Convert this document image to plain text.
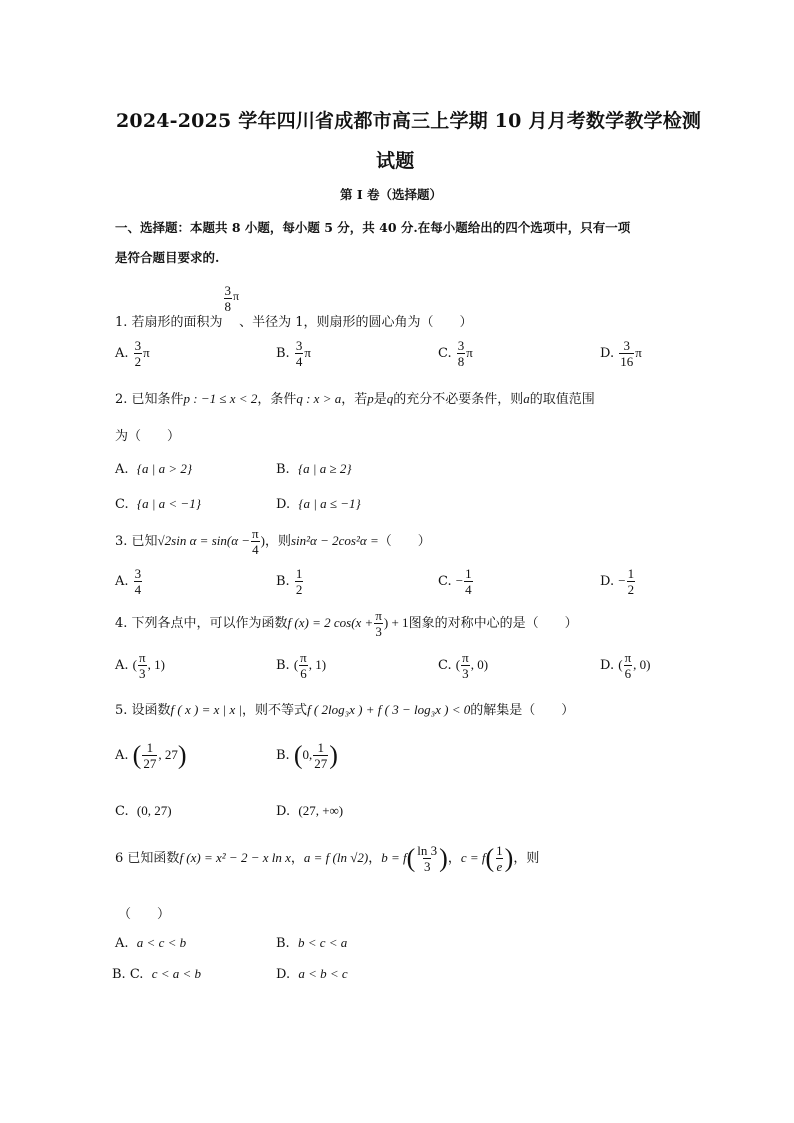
2024-2025 学年四川省成都市高三上学期 10 月月考数学教学检测
试题
第 I 卷（选择题）
一、选择题：本题共 8 小题，每小题 5 分，共 40 分.在每小题给出的四个选项中，只有一项
是符合题目要求的.
1. 若扇形的面积为
$\frac{3}{8}$ π、半径为 1，则扇形的圆心角为（　　）
A. $\frac{3}{2}$ π	B. $\frac{3}{4}$ π	C. $\frac{3}{8}$ π	D. $\frac{3}{16}$ π
2. 已知条件p : −1 ≤ x < 2，条件q : x > a，若p是q的充分不必要条件，则a的取值范围
为（　　）
A. {a | a > 2}	B. {a | a ≥ 2}
C. {a | a < −1}	D. {a | a ≤ −1}
3. 已知√2sin $\alpha = \sin(\alpha - \frac{\pi}{4}$ )，则sin²α − 2cos²α =（　　）
A. $\frac{3}{4}$	B. $\frac{1}{2}$	C. − $\frac{1}{4}$	D. − $\frac{1}{2}$
4. 下列各点中，可以作为函数f (x) = 2 $\cos(x + \frac{\pi}{3}$ ) + 1图象的对称中心的是（　　）
A. ( $\frac{\pi}{3}$ , 1)	B. ( $\frac{\pi}{6}$ , 1)	C. ( $\frac{\pi}{3}$ , 0)	D. ( $\frac{\pi}{6}$ , 0)
5. 设函数f ( x ) = x | x |，则不等式f ( 2log₃x ) + f ( 3 − log₃x ) < 0的解集是（　　）
A. ( $\frac{1}{27}$ , 27)	B. (0, $\frac{1}{27}$ )
C. (0, 27)	D. (27, +∞)
6 已知函数f (x) = x² − 2 − x ln x，a = f (ln √2)，$b = f( \frac{\ln 3}{3}$ )，$c = f( \frac{1}{e}$ )，则
（　　）
A. a < c < b	B. b < c < a
B. C. c < a < b	D. a < b < c
